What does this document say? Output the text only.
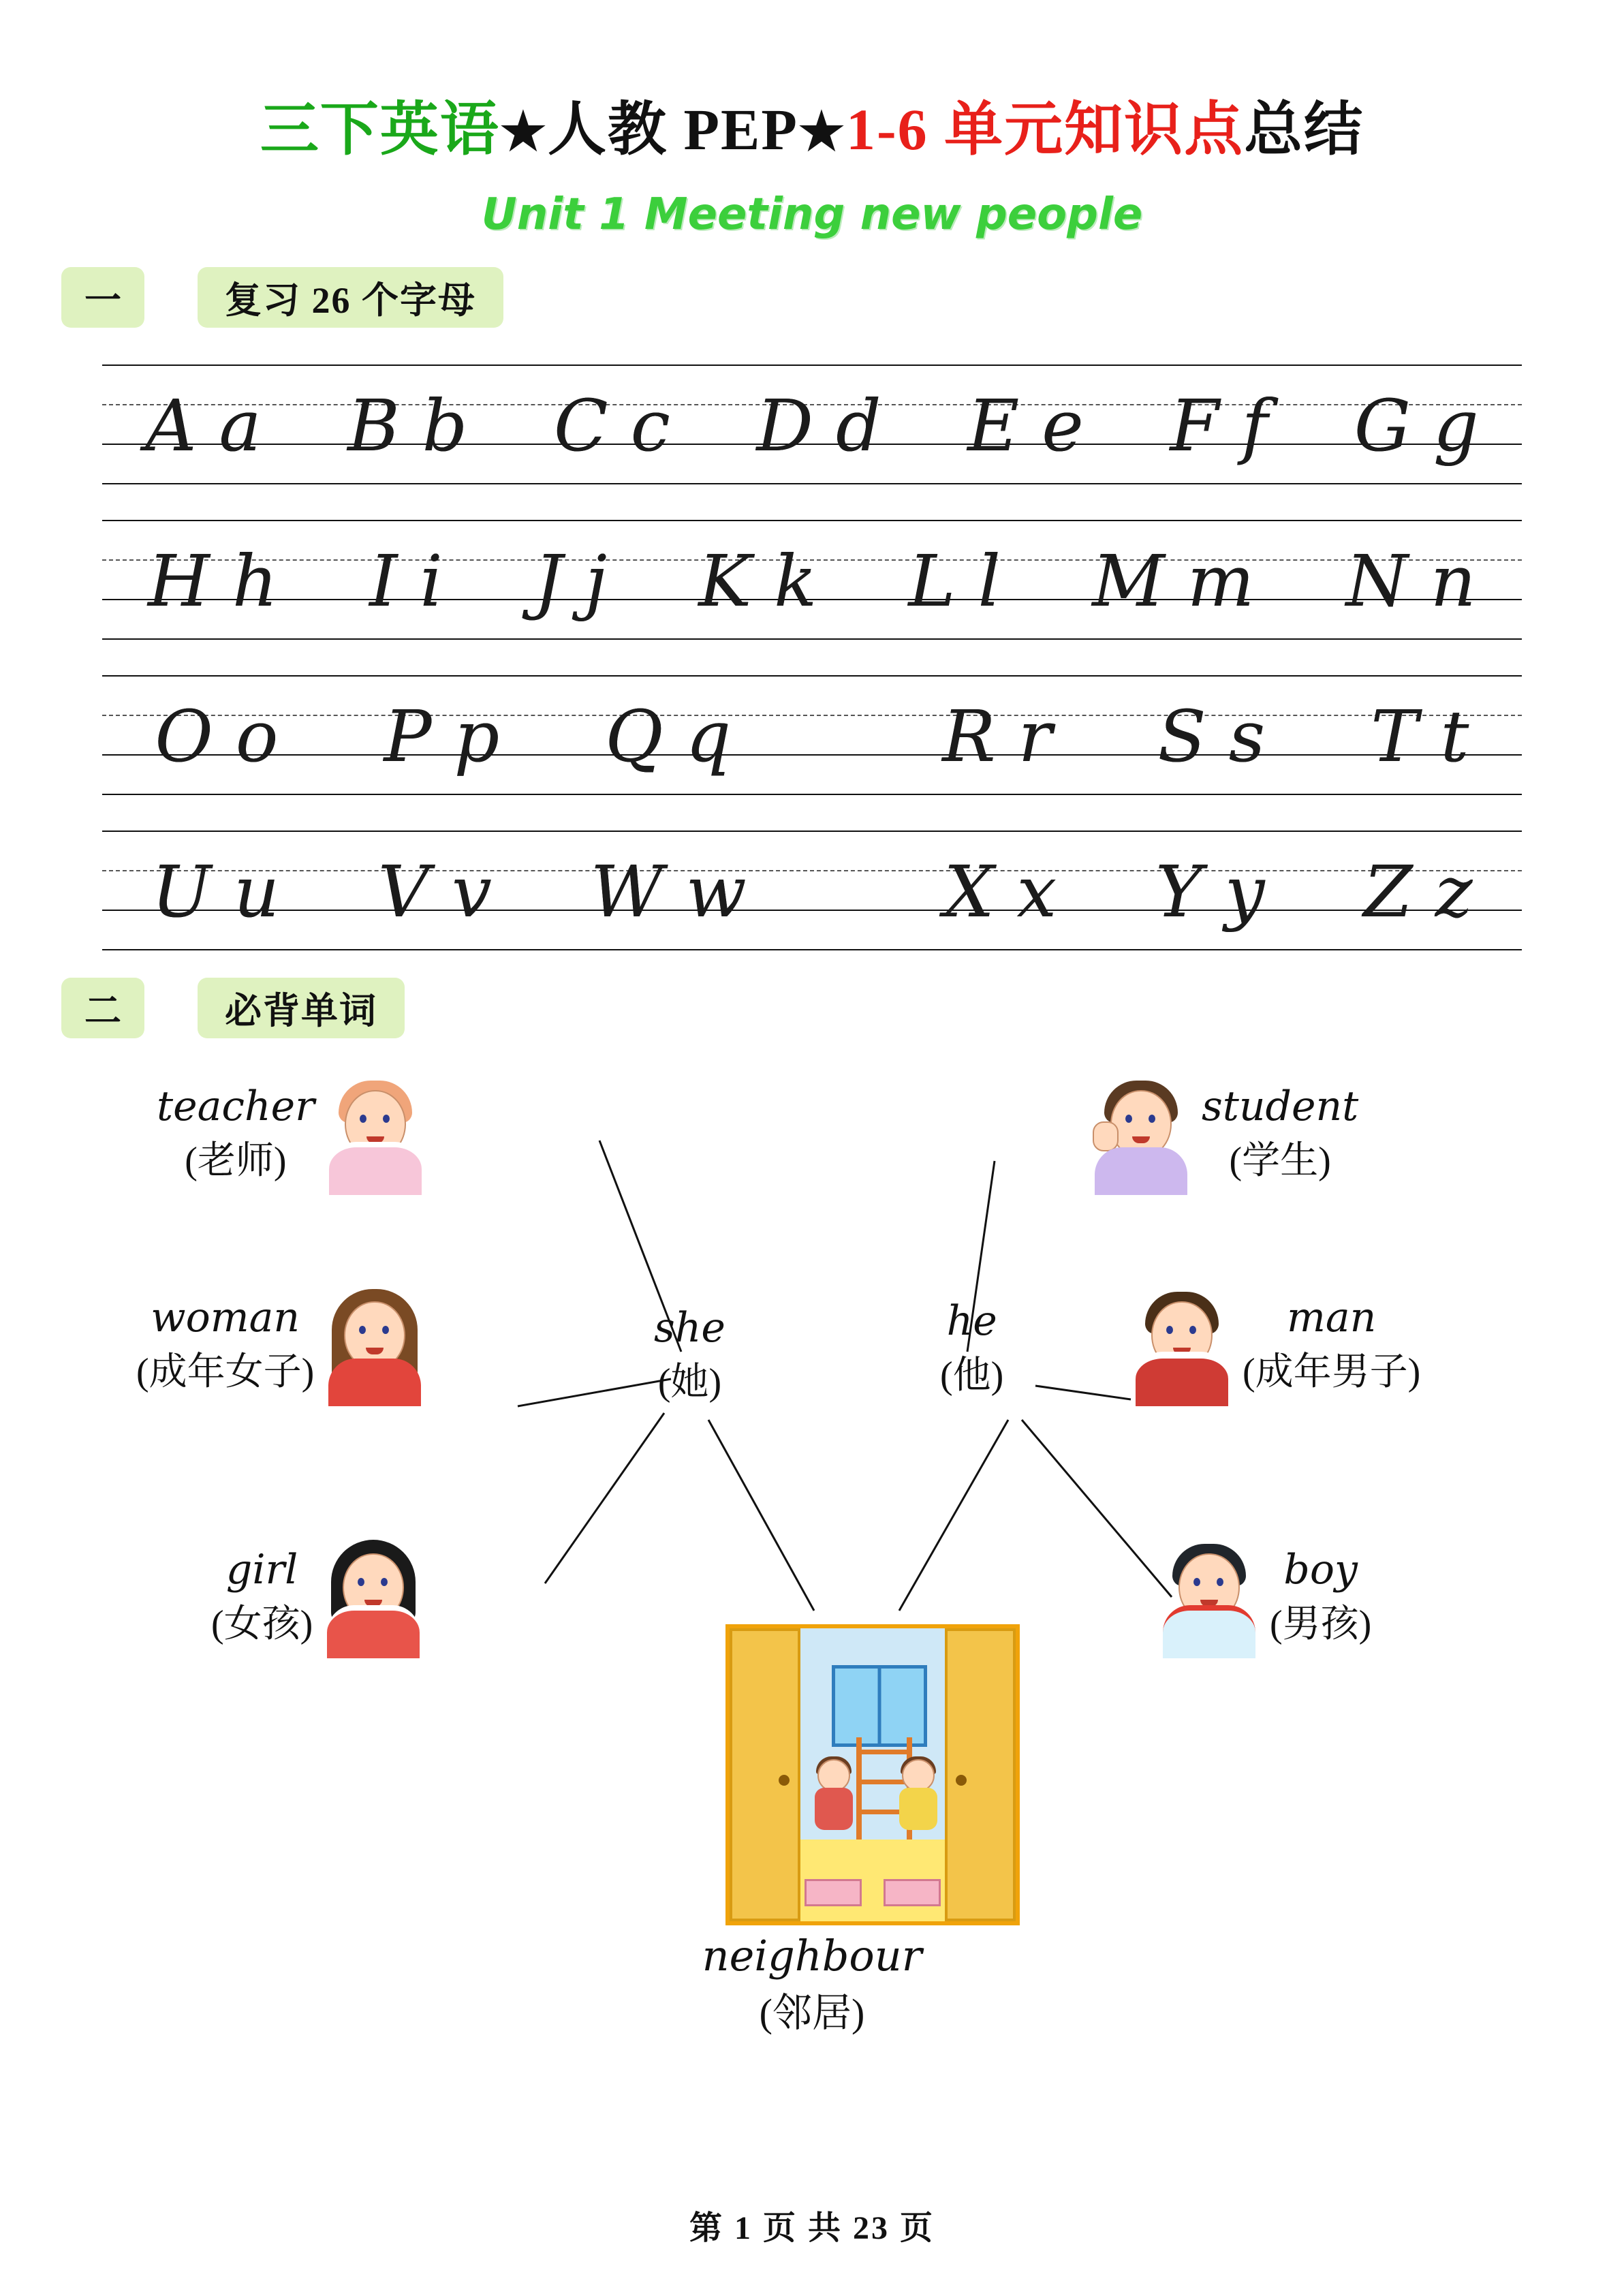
三下英语★人教 PEP★1-6 单元知识点总结
Unit 1 Meeting new people
一	复习 26 个字母
A a B b C c D d E e F f G g
H h I i J j K k L l M m N n
O o P p Q q	R r S s T t
U u V v W w	X x Y y Z z
二	必背单词
teacher
(老师)
student
(学生)
woman
(成年女子)
man
(成年男子)
she
(她)
he
(他)
girl
(女孩)
boy
(男孩)
neighbour
(邻居)
第 1 页 共 23 页
